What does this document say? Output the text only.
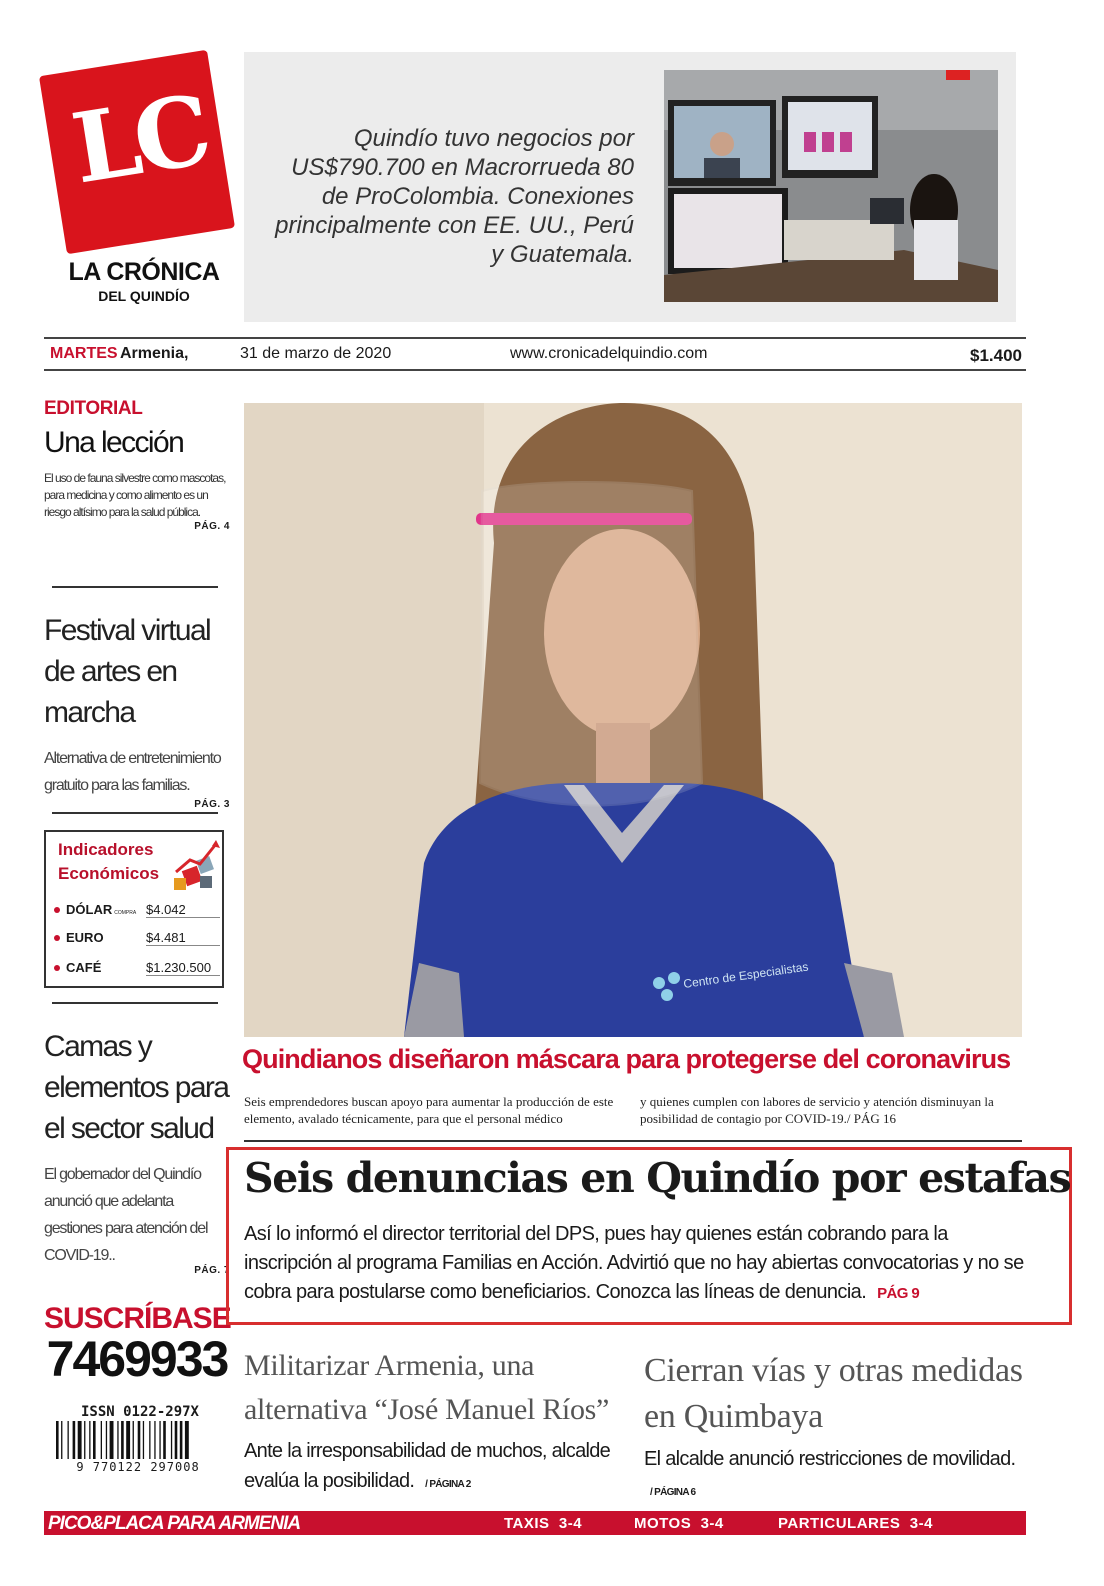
LC
LA CRÓNICA
DEL QUINDÍO
Quindío tuvo negocios por US$790.700 en Macrorrueda 80 de ProColombia. Conexiones principalmente con EE. UU., Perú y Guatemala.
MARTES Armenia,	31 de marzo de 2020	www.cronicadelquindio.com	$1.400
EDITORIAL
Una lección
El uso de fauna silvestre como mascotas, para medicina y como alimento es un riesgo altísimo para la salud pública.
PÁG. 4
Festival virtual de artes en marcha
Alternativa de entretenimiento gratuito para las familias.
PÁG. 3
Indicadores
Económicos
DÓLAR COMPRA $4.042
EURO	$4.481
CAFÉ	$1.230.500
Camas y elementos para el sector salud
El gobernador del Quindío anunció que adelanta gestiones para atención del COVID-19..
PÁG. 7
SUSCRÍBASE
7469933
ISSN 0122-297X
9 770122 297008
Centro de Especialistas
Quindianos diseñaron máscara para protegerse del coronavirus
Seis emprendedores buscan apoyo para aumentar la producción de este elemento, avalado técnicamente, para que el personal médico
y quienes cumplen con labores de servicio y atención disminuyan la posibilidad de contagio por COVID-19./ PÁG 16
Seis denuncias en Quindío por estafas
Así lo informó el director territorial del DPS, pues hay quienes están cobrando para la inscripción al programa Familias en Acción. Advirtió que no hay abiertas convocatorias y no se cobra para postularse como beneficiarios. Conozca las líneas de denuncia. PÁG 9
Militarizar Armenia, una alternativa “José Manuel Ríos”
Ante la irresponsabilidad de muchos, alcalde evalúa la posibilidad. / PÁGINA 2
Cierran vías y otras medidas en Quimbaya
El alcalde anunció restricciones de movilidad. / PÁGINA 6
PICO&PLACA PARA ARMENIA	TAXIS 3-4	MOTOS 3-4	PARTICULARES 3-4
